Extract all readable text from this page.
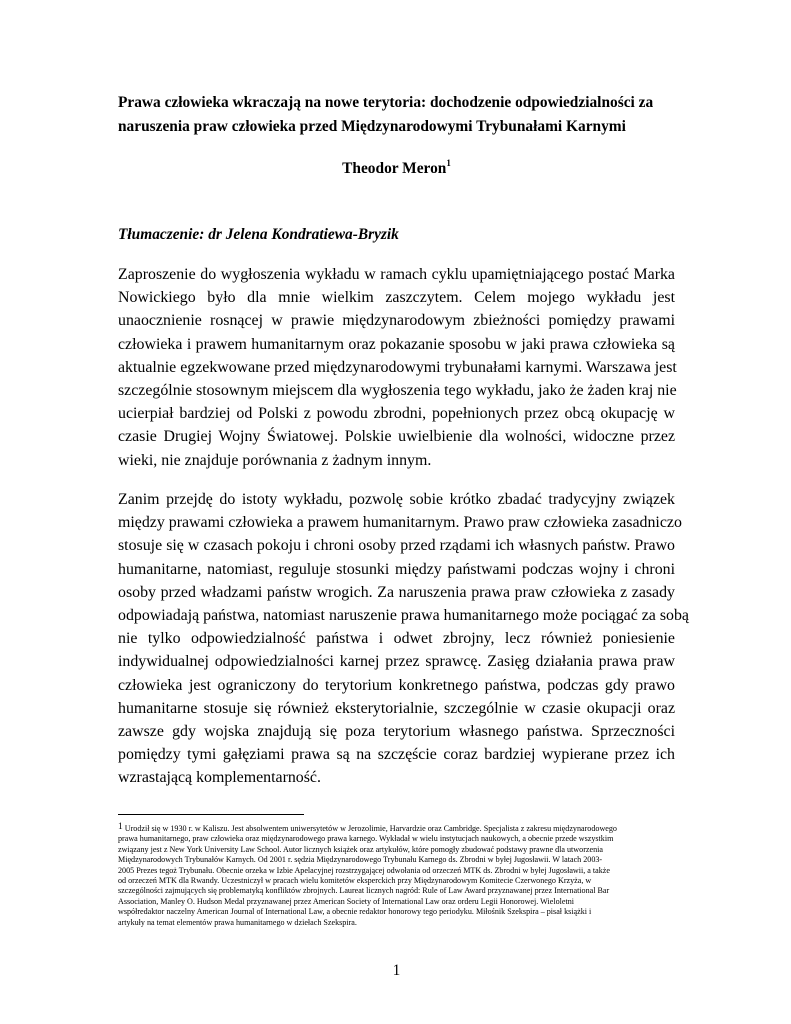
Prawa człowieka wkraczają na nowe terytoria: dochodzenie odpowiedzialności za
naruszenia praw człowieka przed Międzynarodowymi Trybunałami Karnymi
Theodor Meron$^1$
Tłumaczenie: dr Jelena Kondratiewa-Bryzik
Zaproszenie do wygłoszenia wykładu w ramach cyklu upamiętniającego postać Marka
Nowickiego było dla mnie wielkim zaszczytem. Celem mojego wykładu jest
unaocznienie rosnącej w prawie międzynarodowym zbieżności pomiędzy prawami
człowieka i prawem humanitarnym oraz pokazanie sposobu w jaki prawa człowieka są
aktualnie egzekwowane przed międzynarodowymi trybunałami karnymi. Warszawa jest
szczególnie stosownym miejscem dla wygłoszenia tego wykładu, jako że żaden kraj nie
ucierpiał bardziej od Polski z powodu zbrodni, popełnionych przez obcą okupację w
czasie Drugiej Wojny Światowej. Polskie uwielbienie dla wolności, widoczne przez
wieki, nie znajduje porównania z żadnym innym.
Zanim przejdę do istoty wykładu, pozwolę sobie krótko zbadać tradycyjny związek
między prawami człowieka a prawem humanitarnym. Prawo praw człowieka zasadniczo
stosuje się w czasach pokoju i chroni osoby przed rządami ich własnych państw. Prawo
humanitarne, natomiast, reguluje stosunki między państwami podczas wojny i chroni
osoby przed władzami państw wrogich. Za naruszenia prawa praw człowieka z zasady
odpowiadają państwa, natomiast naruszenie prawa humanitarnego może pociągać za sobą
nie tylko odpowiedzialność państwa i odwet zbrojny, lecz również poniesienie
indywidualnej odpowiedzialności karnej przez sprawcę. Zasięg działania prawa praw
człowieka jest ograniczony do terytorium konkretnego państwa, podczas gdy prawo
humanitarne stosuje się również eksterytorialnie, szczególnie w czasie okupacji oraz
zawsze gdy wojska znajdują się poza terytorium własnego państwa. Sprzeczności
pomiędzy tymi gałęziami prawa są na szczęście coraz bardziej wypierane przez ich
wzrastającą komplementarność.
1 Urodził się w 1930 r. w Kaliszu. Jest absolwentem uniwersytetów w Jerozolimie, Harvardzie oraz Cambridge. Specjalista z zakresu międzynarodowego
prawa humanitarnego, praw człowieka oraz międzynarodowego prawa karnego. Wykładał w wielu instytucjach naukowych, a obecnie przede wszystkim
związany jest z New York University Law School. Autor licznych książek oraz artykułów, które pomogły zbudować podstawy prawne dla utworzenia
Międzynarodowych Trybunałów Karnych. Od 2001 r. sędzia Międzynarodowego Trybunału Karnego ds. Zbrodni w byłej Jugosławii. W latach 2003-
2005 Prezes tegoż Trybunału. Obecnie orzeka w Izbie Apelacyjnej rozstrzygającej odwołania od orzeczeń MTK ds. Zbrodni w byłej Jugosławii, a także
od orzeczeń MTK dla Rwandy. Uczestniczył w pracach wielu komitetów eksperckich przy Międzynarodowym Komitecie Czerwonego Krzyża, w
szczególności zajmujących się problematyką konfliktów zbrojnych. Laureat licznych nagród: Rule of Law Award przyznawanej przez International Bar
Association, Manley O. Hudson Medal przyznawanej przez American Society of International Law oraz orderu Legii Honorowej. Wieloletni
współredaktor naczelny American Journal of International Law, a obecnie redaktor honorowy tego periodyku. Miłośnik Szekspira – pisał książki i
artykuły na temat elementów prawa humanitarnego w dziełach Szekspira.
1
